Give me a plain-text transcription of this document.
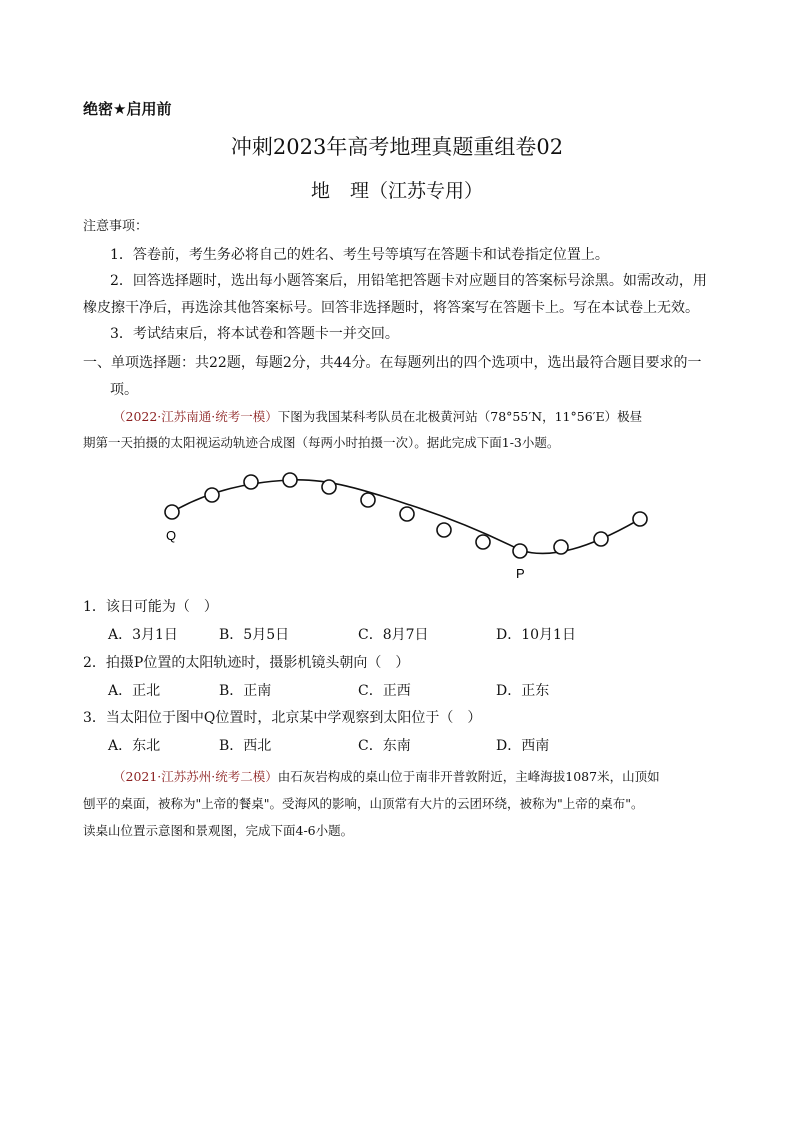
绝密★启用前
冲刺2023年高考地理真题重组卷02
地 理（江苏专用）
注意事项：
1．答卷前，考生务必将自己的姓名、考生号等填写在答题卡和试卷指定位置上。
2．回答选择题时，选出每小题答案后，用铅笔把答题卡对应题目的答案标号涂黑。如需改动，用
橡皮擦干净后，再选涂其他答案标号。回答非选择题时，将答案写在答题卡上。写在本试卷上无效。
3．考试结束后，将本试卷和答题卡一并交回。
一、单项选择题：共22题，每题2分，共44分。在每题列出的四个选项中，选出最符合题目要求的一
项。
（2022·江苏南通·统考一模）下图为我国某科考队员在北极黄河站（78°55′N，11°56′E）极昼
期第一天拍摄的太阳视运动轨迹合成图（每两小时拍摄一次）。据此完成下面1-3小题。
Q
P
1．该日可能为（　）
A．3月1日	B．5月5日	C．8月7日	D．10月1日
2．拍摄P位置的太阳轨迹时，摄影机镜头朝向（　）
A．正北	B．正南	C．正西	D．正东
3．当太阳位于图中Q位置时，北京某中学观察到太阳位于（　）
A．东北	B．西北	C．东南	D．西南
（2021·江苏苏州·统考二模）由石灰岩构成的桌山位于南非开普敦附近，主峰海拔1087米，山顶如
刨平的桌面，被称为"上帝的餐桌"。受海风的影响，山顶常有大片的云团环绕，被称为"上帝的桌布"。
读桌山位置示意图和景观图，完成下面4-6小题。
